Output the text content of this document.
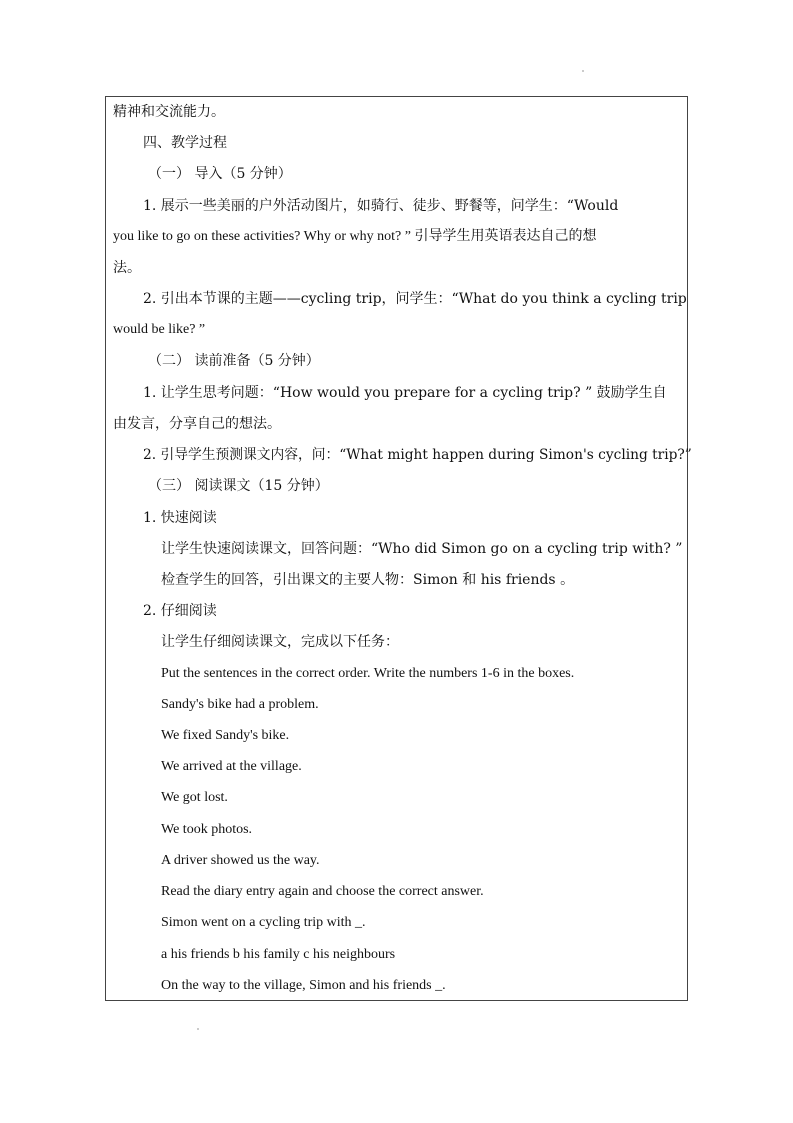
精神和交流能力。
四、教学过程
（一） 导入（5 分钟）
1. 展示一些美丽的户外活动图片，如骑行、徒步、野餐等，问学生：“Would
you like to go on these activities? Why or why not? ” 引导学生用英语表达自己的想
法。
2. 引出本节课的主题——cycling trip，问学生：“What do you think a cycling trip
would be like? ”
（二） 读前准备（5 分钟）
1. 让学生思考问题：“How would you prepare for a cycling trip? ” 鼓励学生自
由发言，分享自己的想法。
2. 引导学生预测课文内容，问：“What might happen during Simon's cycling trip?”
（三） 阅读课文（15 分钟）
1. 快速阅读
让学生快速阅读课文，回答问题：“Who did Simon go on a cycling trip with? ”
检查学生的回答，引出课文的主要人物：Simon 和 his friends 。
2. 仔细阅读
让学生仔细阅读课文，完成以下任务：
Put the sentences in the correct order. Write the numbers 1-6 in the boxes.
Sandy's bike had a problem.
We fixed Sandy's bike.
We arrived at the village.
We got lost.
We took photos.
A driver showed us the way.
Read the diary entry again and choose the correct answer.
Simon went on a cycling trip with _.
a his friends b his family c his neighbours
On the way to the village, Simon and his friends _.
